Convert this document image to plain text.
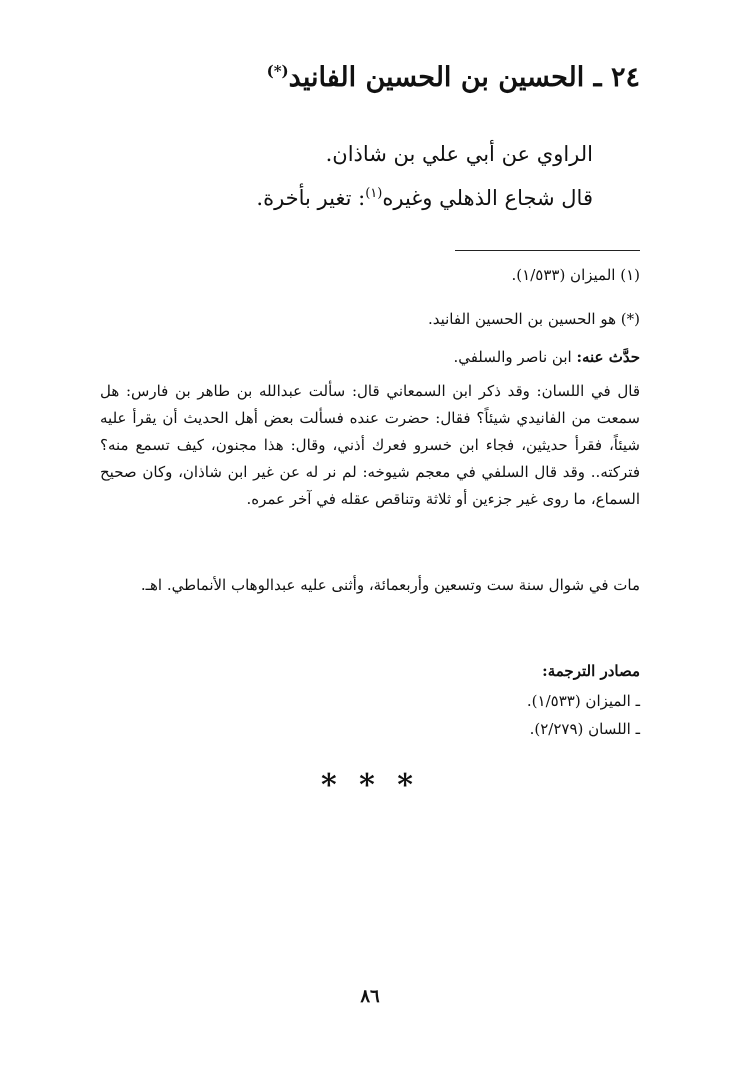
٢٤ ـ الحسين بن الحسين الفانيد(*)
الراوي عن أبي علي بن شاذان.
قال شجاع الذهلي وغيره$^{(١)}$: تغير بأخرة.
(١) الميزان (١/٥٣٣).
(*) هو الحسين بن الحسين الفانيد.
حدَّث عنه: ابن ناصر والسلفي.
قال في اللسان: وقد ذكر ابن السمعاني قال: سألت عبدالله بن طاهر بن فارس: هل سمعت من الفانيدي شيئاً؟ فقال: حضرت عنده فسألت بعض أهل الحديث أن يقرأ عليه شيئاً، فقرأ حديثين، فجاء ابن خسرو فعرك أذني، وقال: هذا مجنون، كيف تسمع منه؟ فتركته.. وقد قال السلفي في معجم شيوخه: لم نر له عن غير ابن شاذان، وكان صحيح السماع، ما روى غير جزءين أو ثلاثة وتناقص عقله في آخر عمره.
مات في شوال سنة ست وتسعين وأربعمائة، وأثنى عليه عبدالوهاب الأنماطي. اهـ.
مصادر الترجمة:
ـ الميزان (١/٥٣٣).
ـ اللسان (٢/٢٧٩).
* * *
٨٦
